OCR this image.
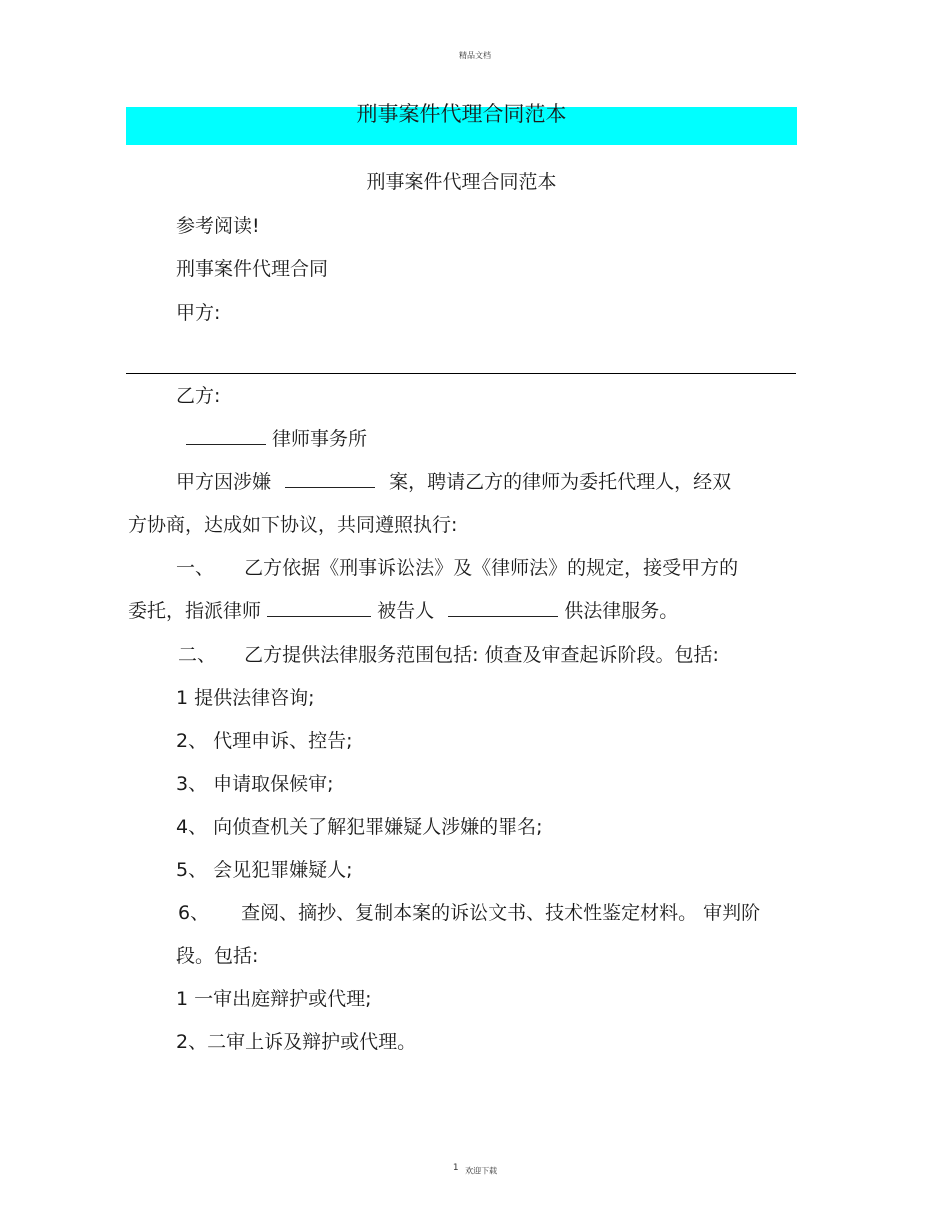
精品文档
刑事案件代理合同范本
刑事案件代理合同范本
参考阅读!
刑事案件代理合同
甲方:
乙方:
律师事务所
甲方因涉嫌	案，聘请乙方的律师为委托代理人，经双
方协商，达成如下协议，共同遵照执行:
一、 乙方依据《刑事诉讼法》及《律师法》的规定，接受甲方的
委托，指派律师	被告人	供法律服务。
二、 乙方提供法律服务范围包括: 侦查及审查起诉阶段。包括:
1 提供法律咨询;
2、 代理申诉、控告;
3、 申请取保候审;
4、 向侦查机关了解犯罪嫌疑人涉嫌的罪名;
5、 会见犯罪嫌疑人;
6、 查阅、摘抄、复制本案的诉讼文书、技术性鉴定材料。 审判阶
段。包括:
1 一审出庭辩护或代理;
2、二审上诉及辩护或代理。
1 欢迎下载
